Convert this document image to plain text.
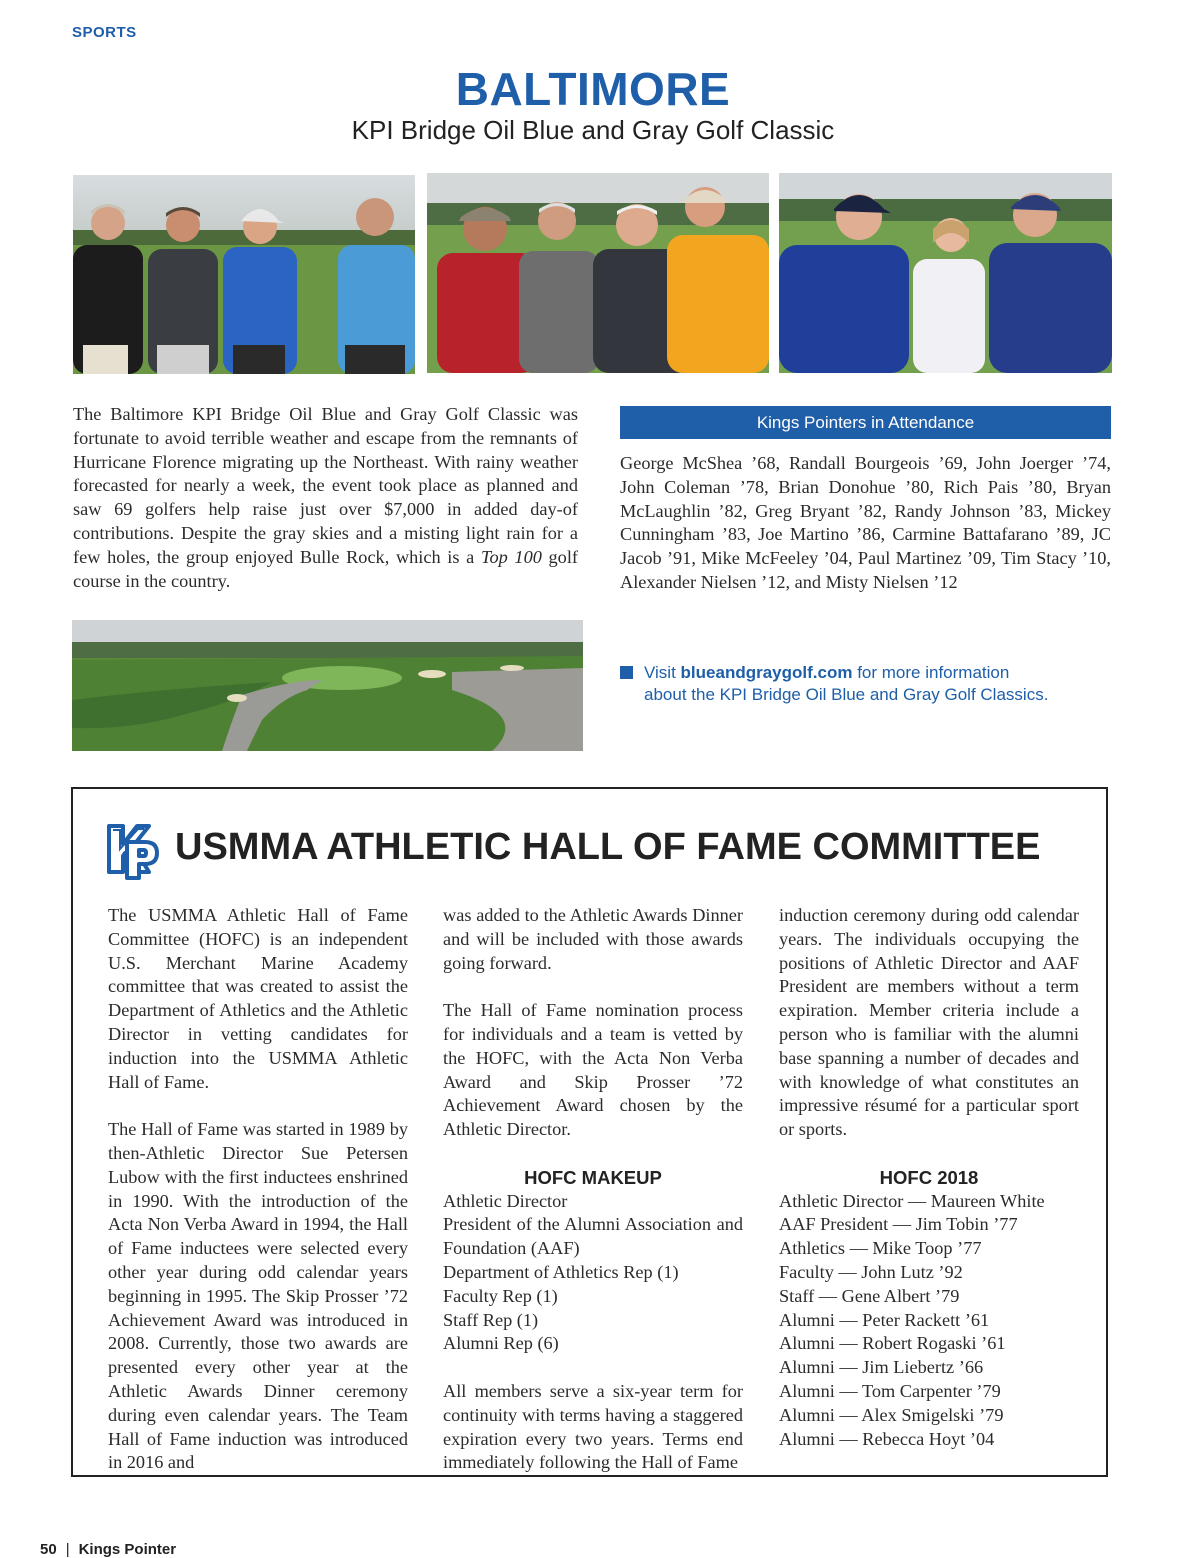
SPORTS
BALTIMORE
KPI Bridge Oil Blue and Gray Golf Classic
The Baltimore KPI Bridge Oil Blue and Gray Golf Classic was fortunate to avoid terrible weather and escape from the remnants of Hurricane Florence migrating up the Northeast. With rainy weather forecasted for nearly a week, the event took place as planned and saw 69 golfers help raise just over $7,000 in added day-of contributions. Despite the gray skies and a misting light rain for a few holes, the group enjoyed Bulle Rock, which is a Top 100 golf course in the country.
Kings Pointers in Attendance
George McShea ’68, Randall Bourgeois ’69, John Joerger ’74, John Coleman ’78, Brian Donohue ’80, Rich Pais ’80, Bryan McLaughlin ’82, Greg Bryant ’82, Randy Johnson ’83, Mickey Cunningham ’83, Joe Martino ’86, Carmine Battafarano ’89, JC Jacob ’91, Mike McFeeley ’04, Paul Martinez ’09, Tim Stacy ’10, Alexander Nielsen ’12, and Misty Nielsen ’12
Visit blueandgraygolf.com for more information
about the KPI Bridge Oil Blue and Gray Golf Classics.
USMMA ATHLETIC HALL OF FAME COMMITTEE

The USMMA Athletic Hall of Fame Committee (HOFC) is an independent U.S. Merchant Marine Academy committee that was created to assist the Department of Athletics and the Athletic Director in vetting candidates for induction into the USMMA Athletic Hall of Fame.

The Hall of Fame was started in 1989 by then-Athletic Director Sue Petersen Lubow with the first inductees enshrined in 1990. With the introduction of the Acta Non Verba Award in 1994, the Hall of Fame inductees were selected every other year during odd calendar years beginning in 1995. The Skip Prosser ’72 Achievement Award was introduced in 2008. Currently, those two awards are presented every other year at the Athletic Awards Dinner ceremony during even calendar years. The Team Hall of Fame induction was introduced in 2016 and

was added to the Athletic Awards Dinner and will be included with those awards going forward.

The Hall of Fame nomination process for individuals and a team is vetted by the HOFC, with the Acta Non Verba Award and Skip Prosser ’72 Achievement Award chosen by the Athletic Director.

HOFC MAKEUP

Athletic Director

President of the Alumni Association and Foundation (AAF)

Department of Athletics Rep (1)

Faculty Rep (1)

Staff Rep (1)

Alumni Rep (6)

All members serve a six-year term for continuity with terms having a staggered expiration every two years. Terms end immediately following the Hall of Fame

induction ceremony during odd calendar years. The individuals occupying the positions of Athletic Director and AAF President are members without a term expiration. Member criteria include a person who is familiar with the alumni base spanning a number of decades and with knowledge of what constitutes an impressive résumé for a particular sport or sports.

HOFC 2018

Athletic Director — Maureen White

AAF President — Jim Tobin ’77

Athletics — Mike Toop ’77

Faculty — John Lutz ’92

Staff — Gene Albert ’79

Alumni — Peter Rackett ’61

Alumni — Robert Rogaski ’61

Alumni — Jim Liebertz ’66

Alumni — Tom Carpenter ’79

Alumni — Alex Smigelski ’79

Alumni — Rebecca Hoyt ’04

50 | Kings Pointer
